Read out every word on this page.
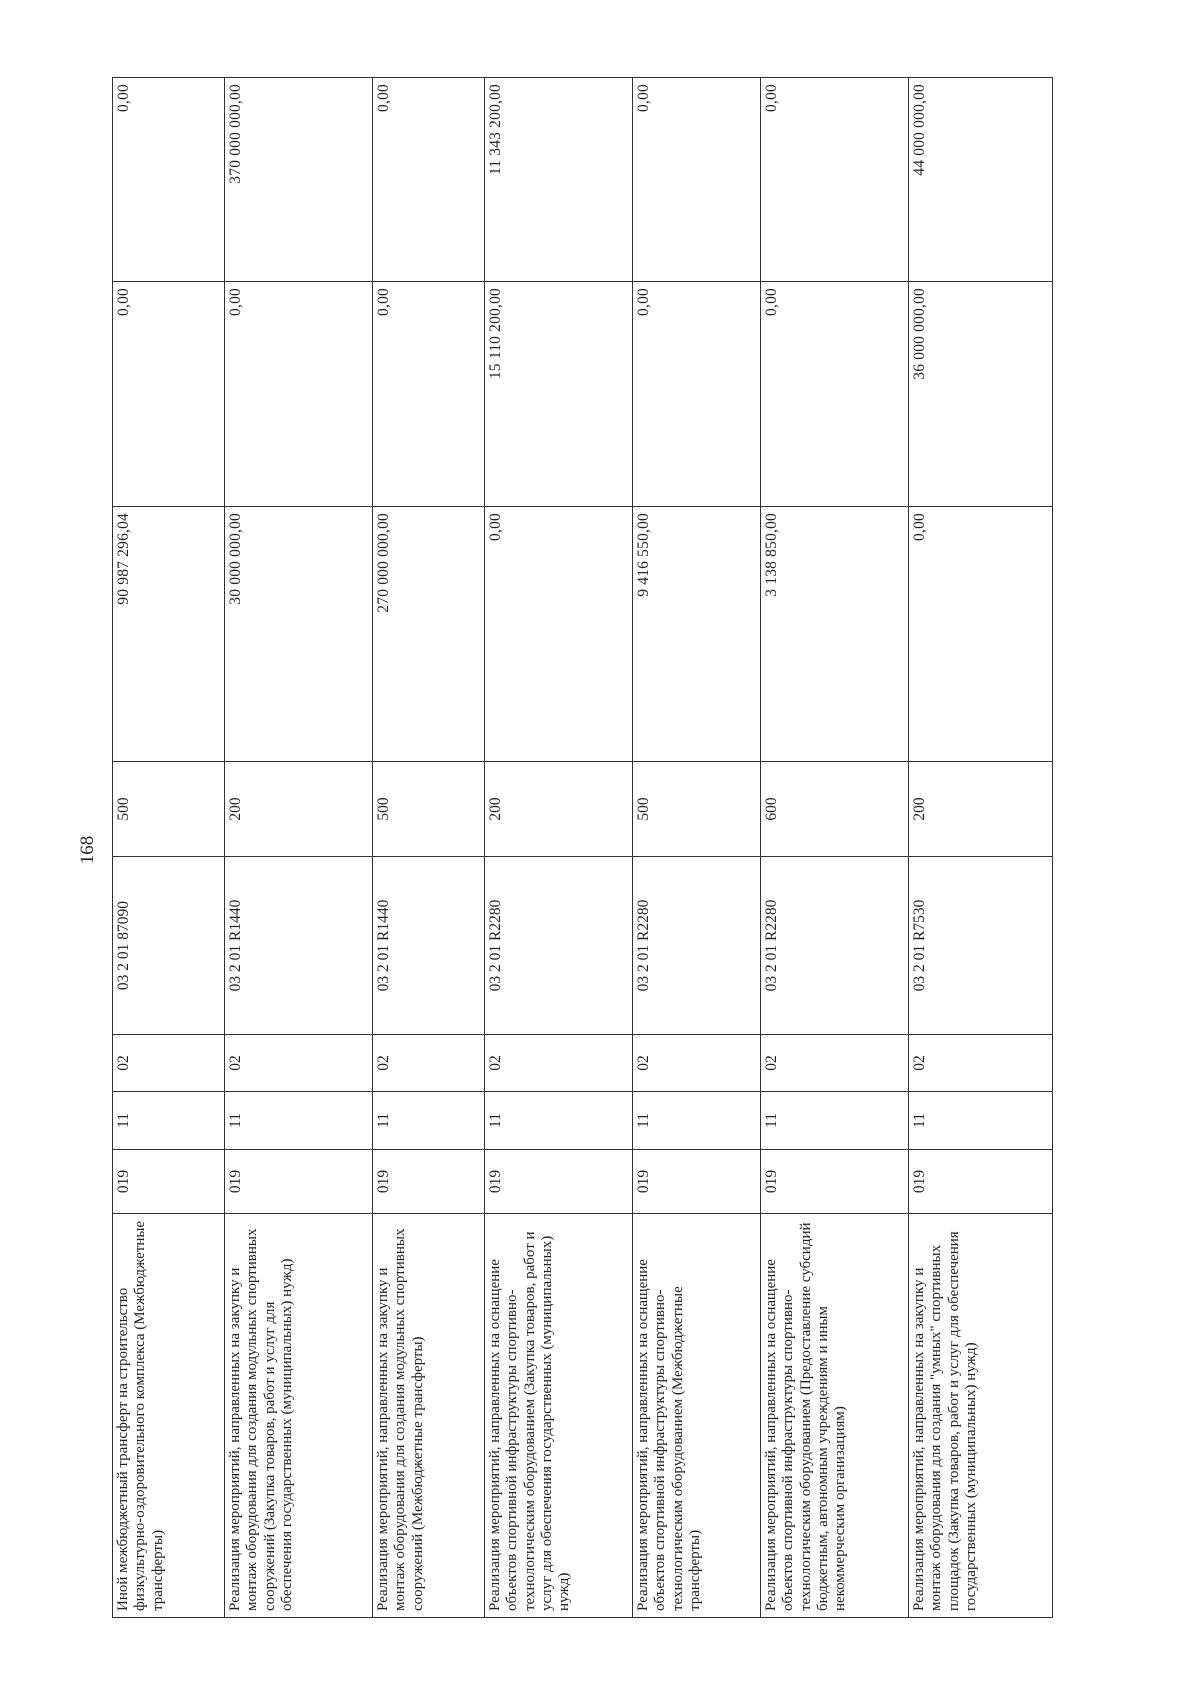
168
Иной межбюджетный трансферт на строительство физкультурно-оздоровительного комплекса (Межбюджетные трансферты)	019	11	02	03 2 01 87090	500	90 987 296,04	0,00	0,00
Реализация мероприятий, направленных на закупку и монтаж оборудования для создания модульных спортивных сооружений (Закупка товаров, работ и услуг для обеспечения государственных (муниципальных) нужд)	019	11	02	03 2 01 R1440	200	30 000 000,00	0,00	370 000 000,00
Реализация мероприятий, направленных на закупку и монтаж оборудования для создания модульных спортивных сооружений (Межбюджетные трансферты)	019	11	02	03 2 01 R1440	500	270 000 000,00	0,00	0,00
Реализация мероприятий, направленных на оснащение объектов спортивной инфраструктуры спортивно-технологическим оборудованием (Закупка товаров, работ и услуг для обеспечения государственных (муниципальных) нужд)	019	11	02	03 2 01 R2280	200	0,00	15 110 200,00	11 343 200,00
Реализация мероприятий, направленных на оснащение объектов спортивной инфраструктуры спортивно-технологическим оборудованием (Межбюджетные трансферты)	019	11	02	03 2 01 R2280	500	9 416 550,00	0,00	0,00
Реализация мероприятий, направленных на оснащение объектов спортивной инфраструктуры спортивно-технологическим оборудованием (Предоставление субсидий бюджетным, автономным учреждениям и иным некоммерческим организациям)	019	11	02	03 2 01 R2280	600	3 138 850,00	0,00	0,00
Реализация мероприятий, направленных на закупку и монтаж оборудования для создания "умных" спортивных площадок (Закупка товаров, работ и услуг для обеспечения государственных (муниципальных) нужд)	019	11	02	03 2 01 R7530	200	0,00	36 000 000,00	44 000 000,00
